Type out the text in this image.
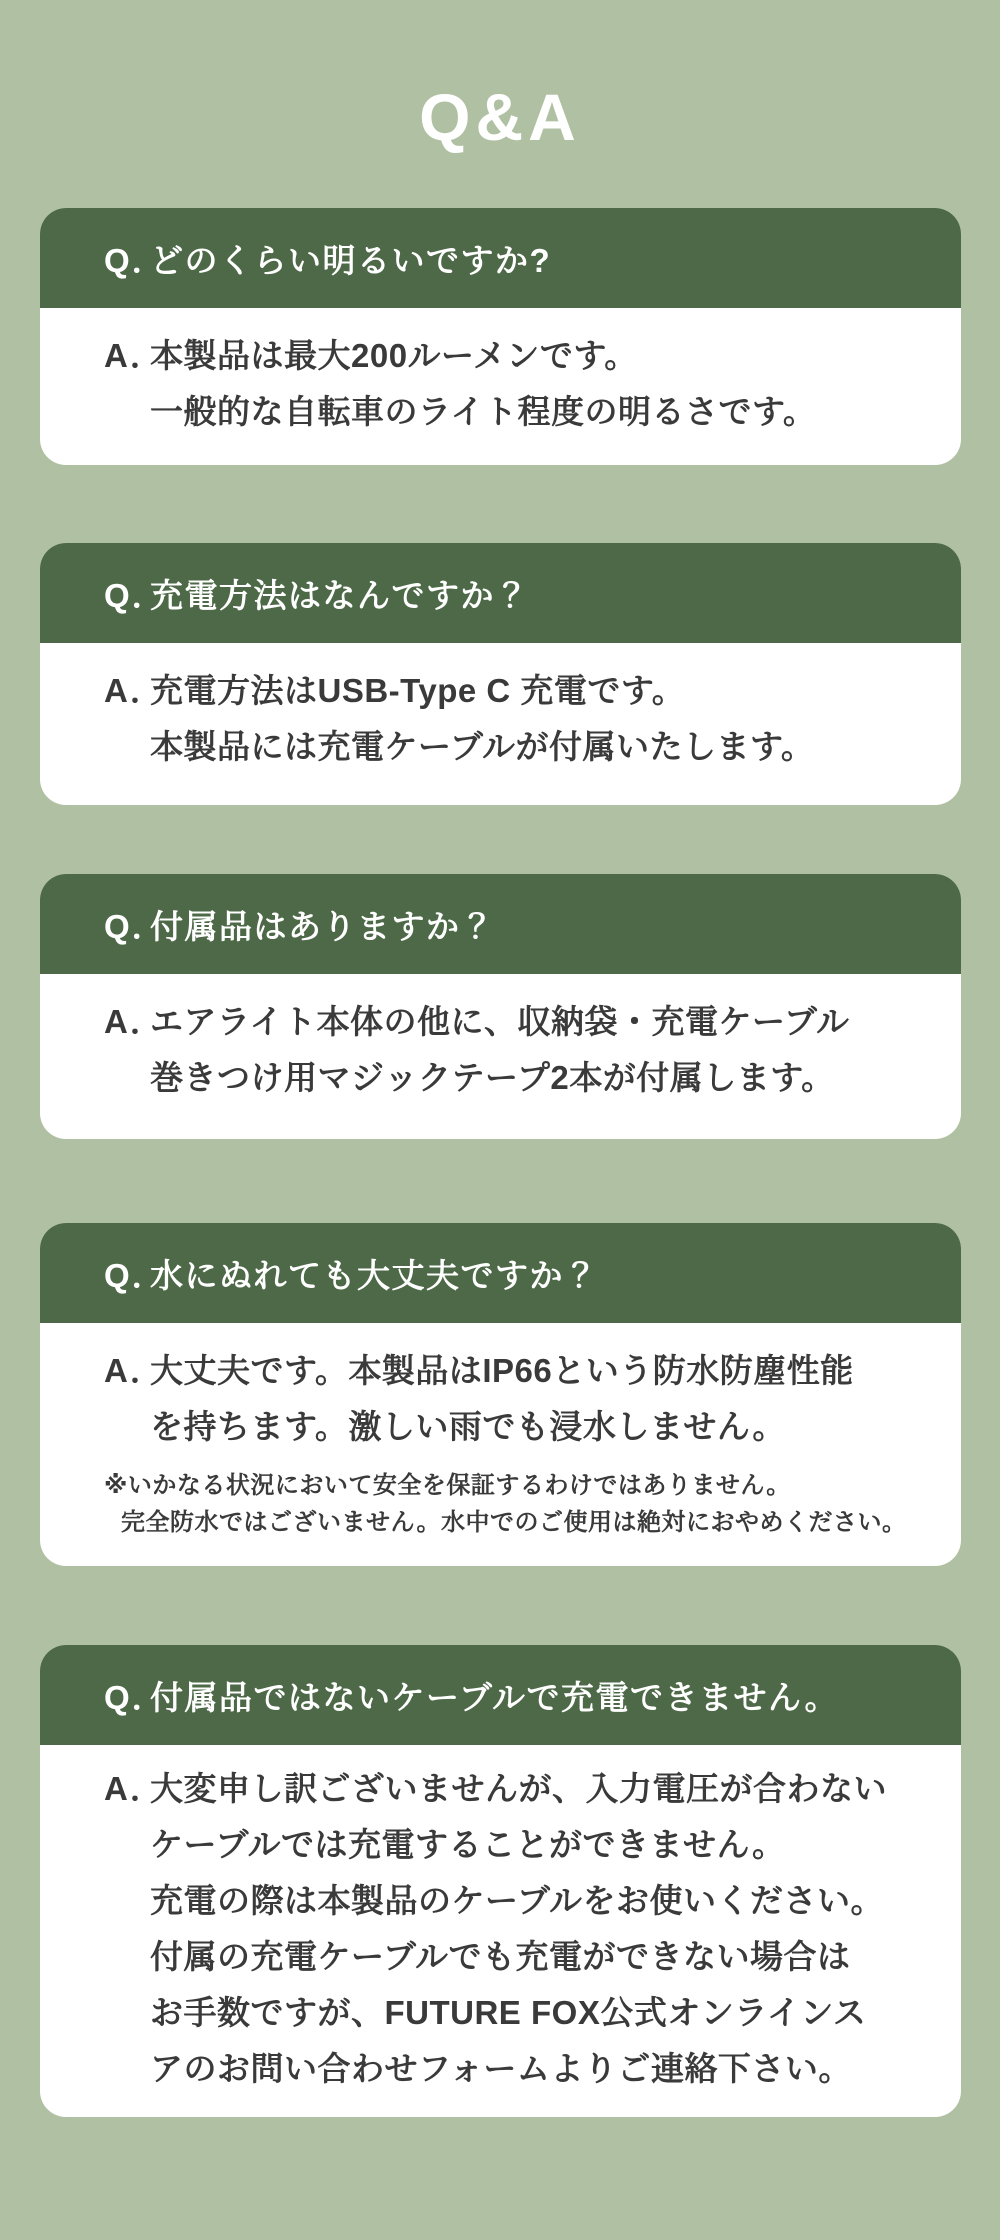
Q&A
Q．
どのくらい明るいですか?
A．
本製品は最大200ルーメンです。
一般的な自転車のライト程度の明るさです。
Q．
充電方法はなんですか？
A．
充電方法はUSB-Type C 充電です。
本製品には充電ケーブルが付属いたします。
Q．
付属品はありますか？
A．
エアライト本体の他に、収納袋・充電ケーブル
巻きつけ用マジックテープ2本が付属します。
Q．
水にぬれても大丈夫ですか？
A．
大丈夫です。本製品はIP66という防水防塵性能
を持ちます。激しい雨でも浸水しません。
※いかなる状況において安全を保証するわけではありません。
完全防水ではございません。水中でのご使用は絶対におやめください。
Q．
付属品ではないケーブルで充電できません。
A．
大変申し訳ございませんが、入力電圧が合わない
ケーブルでは充電することができません。
充電の際は本製品のケーブルをお使いください。
付属の充電ケーブルでも充電ができない場合は
お手数ですが、FUTURE FOX公式オンラインス
アのお問い合わせフォームよりご連絡下さい。
